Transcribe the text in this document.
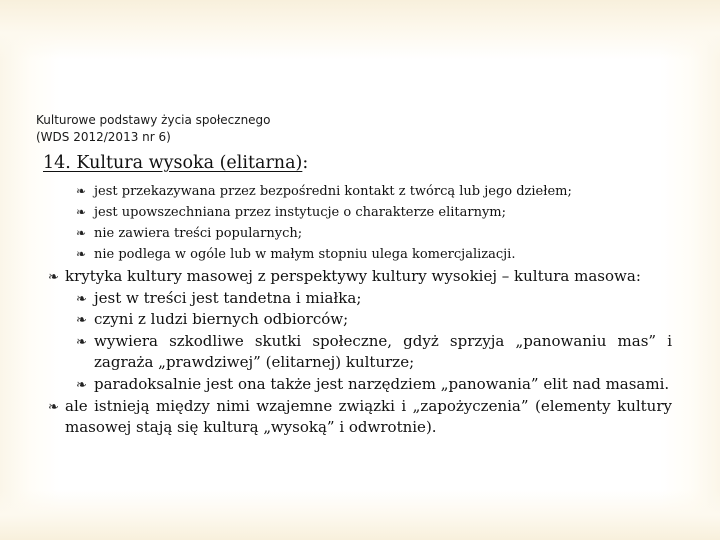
Kulturowe podstawy życia społecznego
(WDS 2012/2013 nr 6)
14. Kultura wysoka (elitarna):
❧ jest przekazywana przez bezpośredni kontakt z twórcą lub jego dziełem;
❧ jest upowszechniana przez instytucje o charakterze elitarnym;
❧ nie zawiera treści popularnych;
❧ nie podlega w ogóle lub w małym stopniu ulega komercjalizacji.
❧ krytyka kultury masowej z perspektywy kultury wysokiej – kultura masowa:
❧ jest w treści jest tandetna i miałka;
❧ czyni z ludzi biernych odbiorców;
❧ wywiera szkodliwe skutki społeczne, gdyż sprzyja „panowaniu mas” i zagraża „prawdziwej” (elitarnej) kulturze;
❧ paradoksalnie jest ona także jest narzędziem „panowania” elit nad masami.
❧ ale istnieją między nimi wzajemne związki i „zapożyczenia” (elementy kultury masowej stają się kulturą „wysoką” i odwrotnie).
